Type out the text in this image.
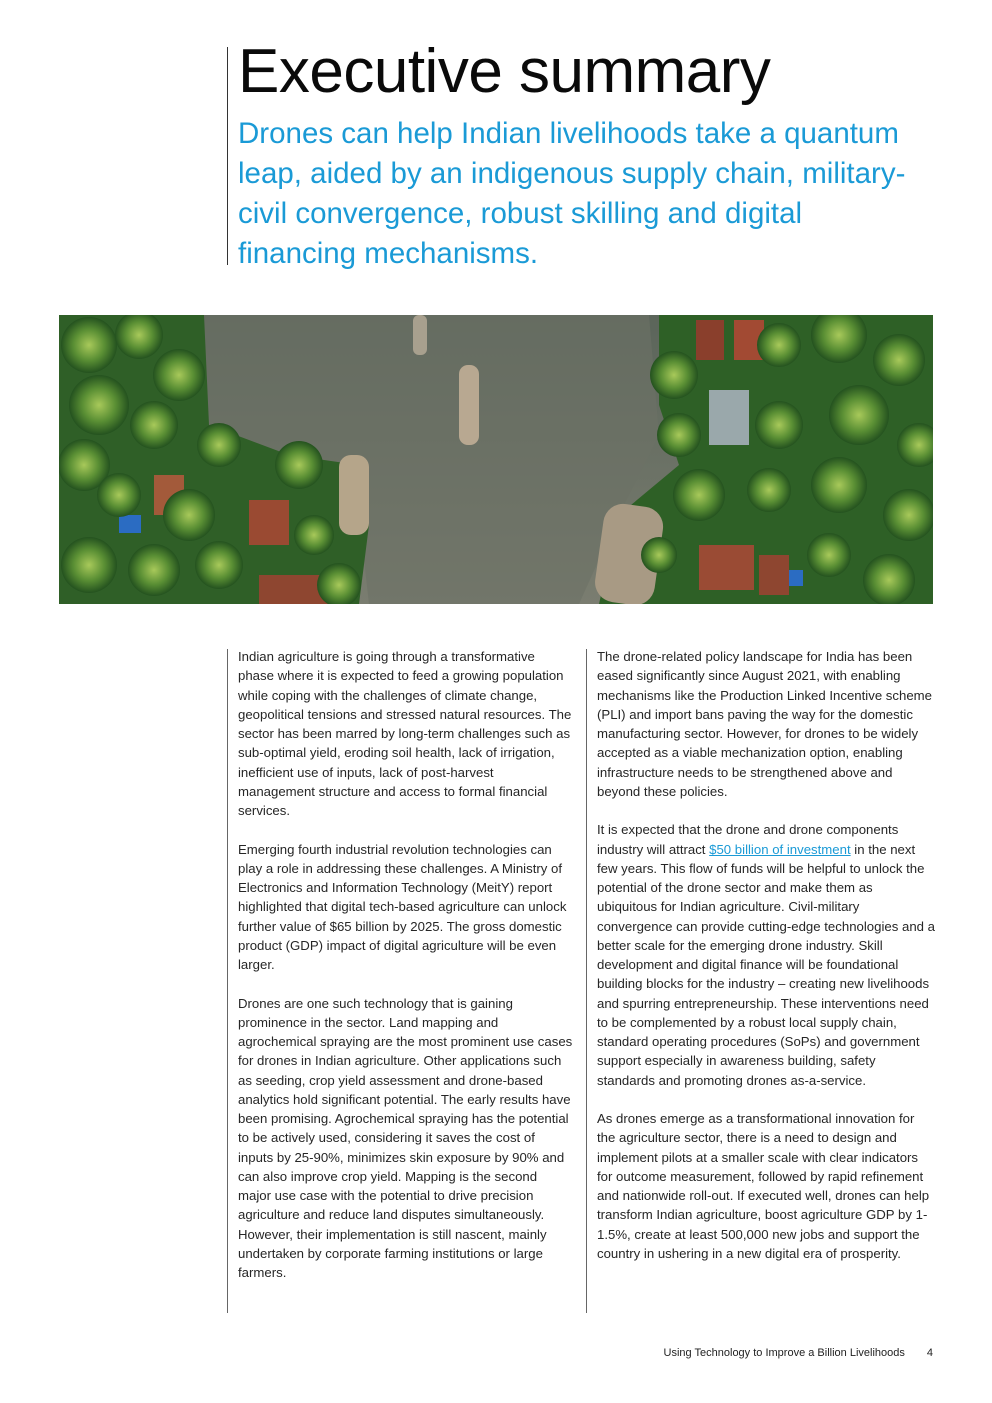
Executive summary

Drones can help Indian livelihoods take a quantum leap, aided by an indigenous supply chain, military-civil convergence, robust skilling and digital financing mechanisms.

Indian agriculture is going through a transformative phase where it is expected to feed a growing population while coping with the challenges of climate change, geopolitical tensions and stressed natural resources. The sector has been marred by long-term challenges such as sub-optimal yield, eroding soil health, lack of irrigation, inefficient use of inputs, lack of post-harvest management structure and access to formal financial services.

Emerging fourth industrial revolution technologies can play a role in addressing these challenges. A Ministry of Electronics and Information Technology (MeitY) report highlighted that digital tech-based agriculture can unlock further value of $65 billion by 2025. The gross domestic product (GDP) impact of digital agriculture will be even larger.

Drones are one such technology that is gaining prominence in the sector. Land mapping and agrochemical spraying are the most prominent use cases for drones in Indian agriculture. Other applications such as seeding, crop yield assessment and drone-based analytics hold significant potential. The early results have been promising. Agrochemical spraying has the potential to be actively used, considering it saves the cost of inputs by 25-90%, minimizes skin exposure by 90% and can also improve crop yield. Mapping is the second major use case with the potential to drive precision agriculture and reduce land disputes simultaneously. However, their implementation is still nascent, mainly undertaken by corporate farming institutions or large farmers.

The drone-related policy landscape for India has been eased significantly since August 2021, with enabling mechanisms like the Production Linked Incentive scheme (PLI) and import bans paving the way for the domestic manufacturing sector. However, for drones to be widely accepted as a viable mechanization option, enabling infrastructure needs to be strengthened above and beyond these policies.

It is expected that the drone and drone components industry will attract $50 billion of investment in the next few years. This flow of funds will be helpful to unlock the potential of the drone sector and make them as ubiquitous for Indian agriculture. Civil-military convergence can provide cutting-edge technologies and a better scale for the emerging drone industry. Skill development and digital finance will be foundational building blocks for the industry – creating new livelihoods and spurring entrepreneurship. These interventions need to be complemented by a robust local supply chain, standard operating procedures (SoPs) and government support especially in awareness building, safety standards and promoting drones as-a-service.

As drones emerge as a transformational innovation for the agriculture sector, there is a need to design and implement pilots at a smaller scale with clear indicators for outcome measurement, followed by rapid refinement and nationwide roll-out. If executed well, drones can help transform Indian agriculture, boost agriculture GDP by 1-1.5%, create at least 500,000 new jobs and support the country in ushering in a new digital era of prosperity.

Using Technology to Improve a Billion Livelihoods 4
